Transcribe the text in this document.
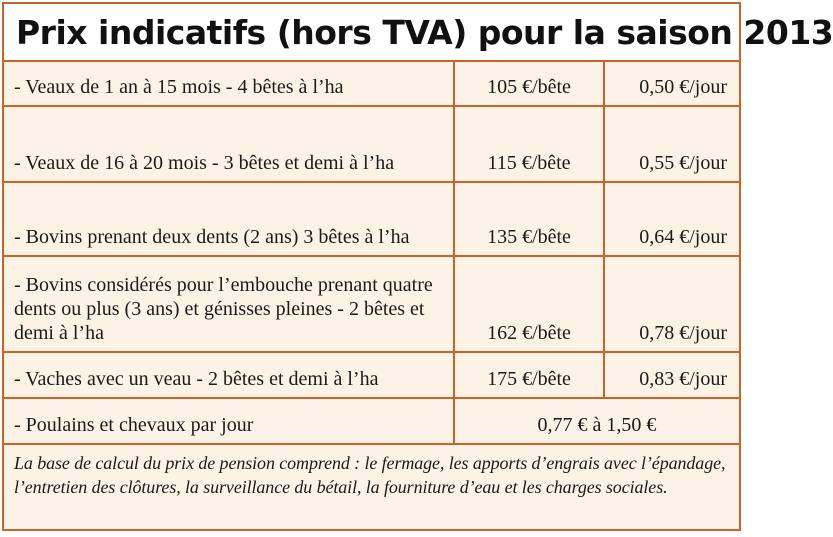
Prix indicatifs (hors TVA) pour la saison 2013
- Veaux de 1 an à 15 mois - 4 bêtes à l’ha	105 €/bête	0,50 €/jour
- Veaux de 16 à 20 mois - 3 bêtes et demi à l’ha	115 €/bête	0,55 €/jour
- Bovins prenant deux dents (2 ans) 3 bêtes à l’ha	135 €/bête	0,64 €/jour
- Bovins considérés pour l’embouche prenant quatre dents ou plus (3 ans) et génisses pleines - 2 bêtes et demi à l’ha	162 €/bête	0,78 €/jour
- Vaches avec un veau - 2 bêtes et demi à l’ha	175 €/bête	0,83 €/jour
- Poulains et chevaux par jour	0,77 € à 1,50 €	
La base de calcul du prix de pension comprend : le fermage, les apports d’engrais avec l’épandage, l’entretien des clôtures, la surveillance du bétail, la fourniture d’eau et les charges sociales.
